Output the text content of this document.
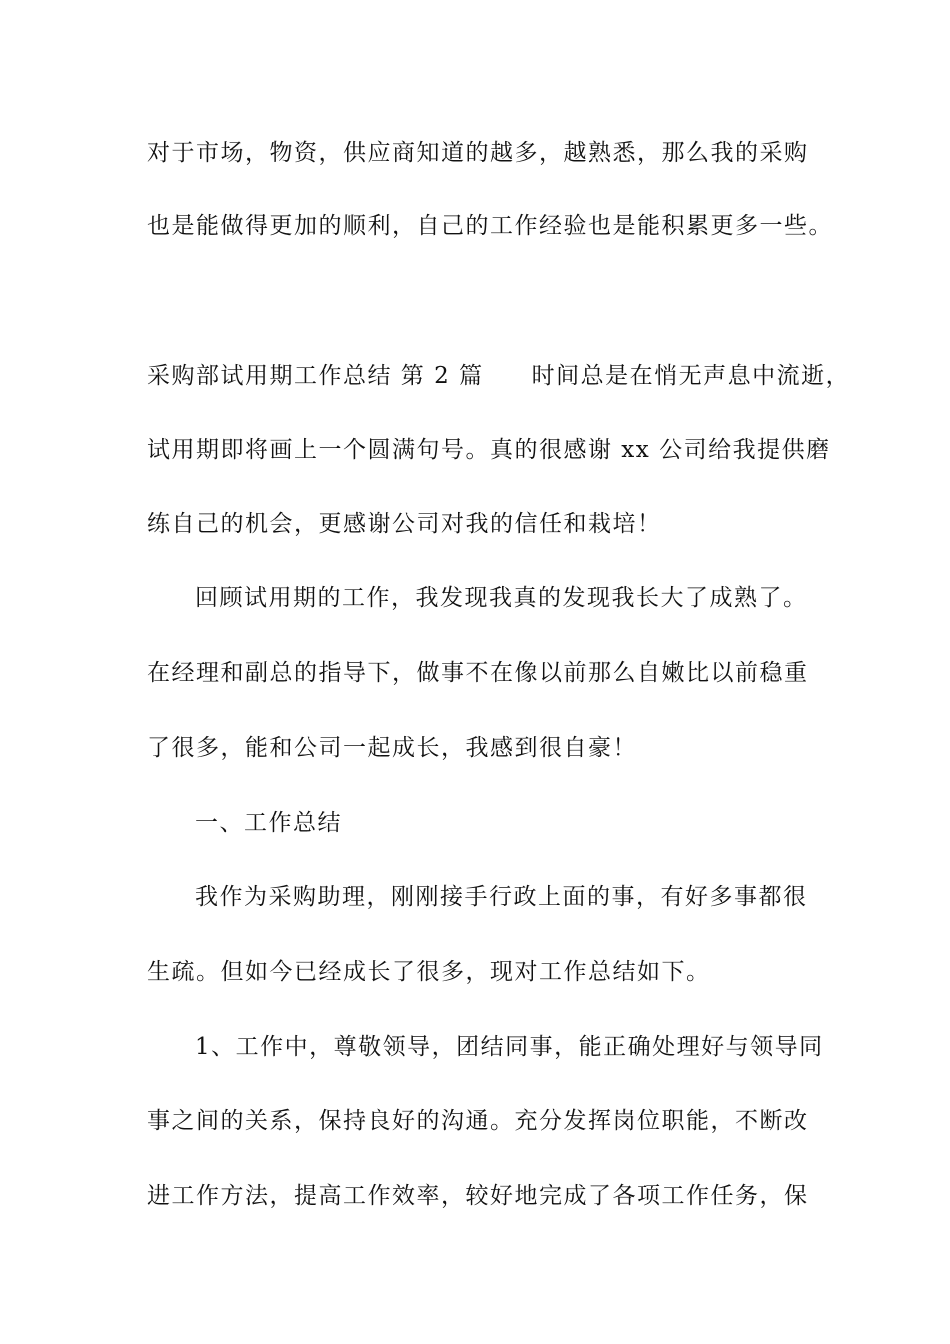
对于市场，物资，供应商知道的越多，越熟悉，那么我的采购
也是能做得更加的顺利，自己的工作经验也是能积累更多一些。
采购部试用期工作总结 第 2 篇 时间总是在悄无声息中流逝，
试用期即将画上一个圆满句号。真的很感谢 xx 公司给我提供磨
练自己的机会，更感谢公司对我的信任和栽培！
回顾试用期的工作，我发现我真的发现我长大了成熟了。
在经理和副总的指导下，做事不在像以前那么自嫩比以前稳重
了很多，能和公司一起成长，我感到很自豪！
一、工作总结
我作为采购助理，刚刚接手行政上面的事，有好多事都很
生疏。但如今已经成长了很多，现对工作总结如下。
1、工作中，尊敬领导，团结同事，能正确处理好与领导同
事之间的关系，保持良好的沟通。充分发挥岗位职能，不断改
进工作方法，提高工作效率，较好地完成了各项工作任务，保
